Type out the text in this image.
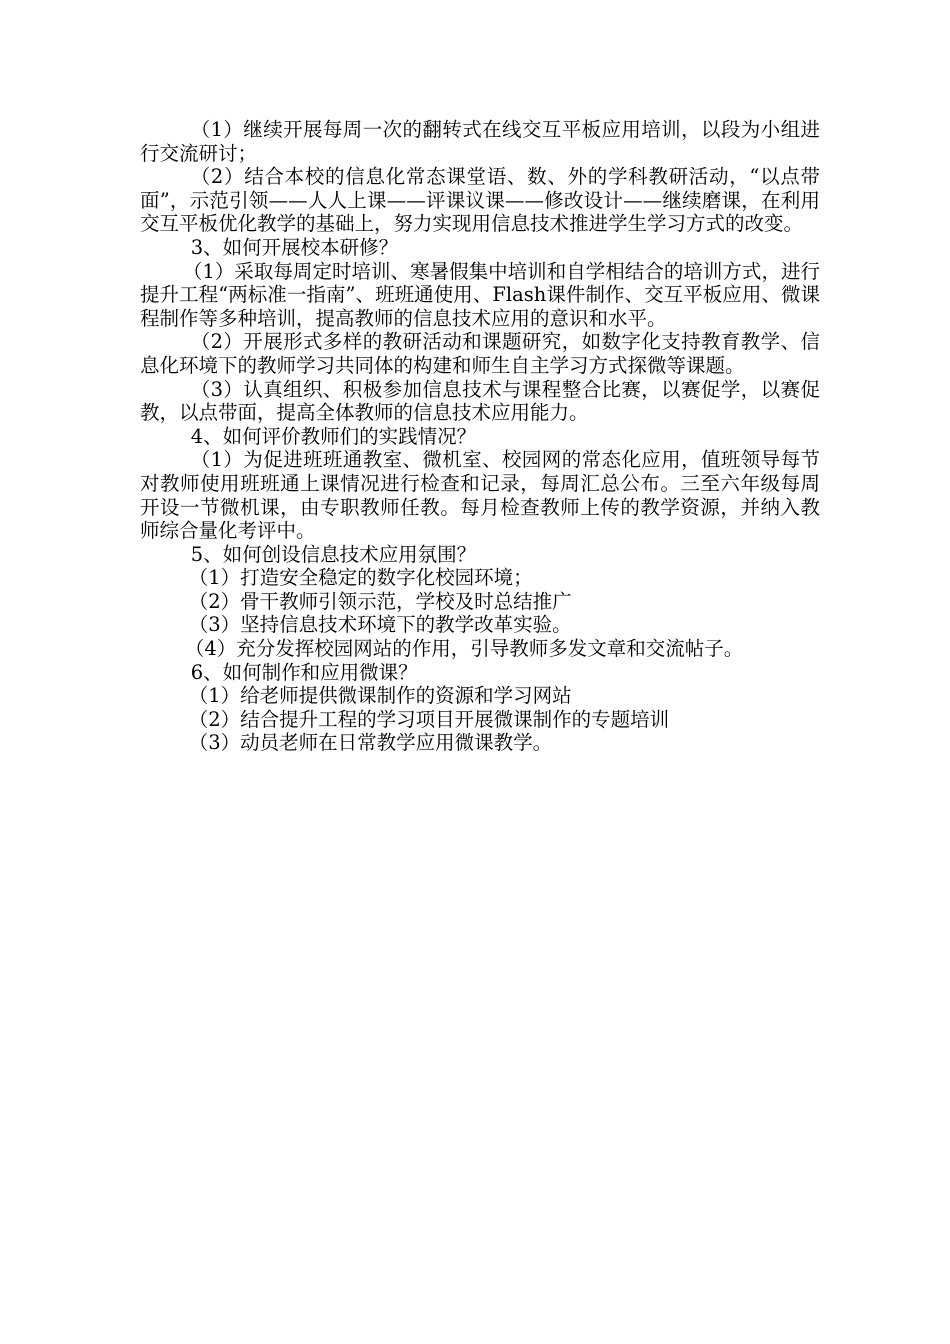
（1）继续开展每周一次的翻转式在线交互平板应用培训，以段为小组进行交流研讨；

（2）结合本校的信息化常态课堂语、数、外的学科教研活动，“以点带面”，示范引领——人人上课——评课议课——修改设计——继续磨课，在利用交互平板优化教学的基础上，努力实现用信息技术推进学生学习方式的改变。

3、如何开展校本研修？

（1）采取每周定时培训、寒暑假集中培训和自学相结合的培训方式，进行提升工程“两标准一指南”、班班通使用、Flash课件制作、交互平板应用、微课程制作等多种培训，提高教师的信息技术应用的意识和水平。

（2）开展形式多样的教研活动和课题研究，如数字化支持教育教学、信息化环境下的教师学习共同体的构建和师生自主学习方式探微等课题。

（3）认真组织、积极参加信息技术与课程整合比赛，以赛促学，以赛促教，以点带面，提高全体教师的信息技术应用能力。

4、如何评价教师们的实践情况？

（1）为促进班班通教室、微机室、校园网的常态化应用，值班领导每节对教师使用班班通上课情况进行检查和记录，每周汇总公布。三至六年级每周开设一节微机课，由专职教师任教。每月检查教师上传的教学资源，并纳入教师综合量化考评中。

5、如何创设信息技术应用氛围？

（1）打造安全稳定的数字化校园环境；

（2）骨干教师引领示范，学校及时总结推广

（3）坚持信息技术环境下的教学改革实验。

（4）充分发挥校园网站的作用，引导教师多发文章和交流帖子。

6、如何制作和应用微课？

（1）给老师提供微课制作的资源和学习网站

（2）结合提升工程的学习项目开展微课制作的专题培训

（3）动员老师在日常教学应用微课教学。
